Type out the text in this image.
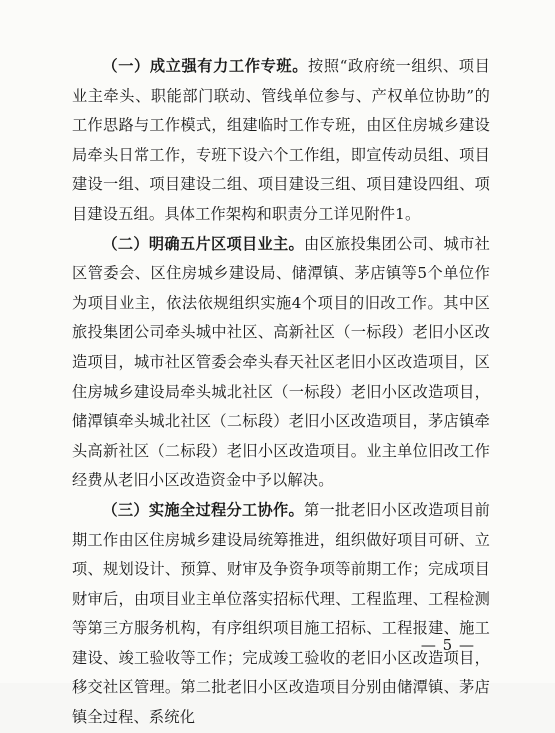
（一）成立强有力工作专班。按照“政府统一组织、项目业主牵头、职能部门联动、管线单位参与、产权单位协助”的工作思路与工作模式，组建临时工作专班，由区住房城乡建设局牵头日常工作，专班下设六个工作组，即宣传动员组、项目建设一组、项目建设二组、项目建设三组、项目建设四组、项目建设五组。具体工作架构和职责分工详见附件1。

（二）明确五片区项目业主。由区旅投集团公司、城市社区管委会、区住房城乡建设局、储潭镇、茅店镇等5个单位作为项目业主，依法依规组织实施4个项目的旧改工作。其中区旅投集团公司牵头城中社区、高新社区（一标段）老旧小区改造项目，城市社区管委会牵头春天社区老旧小区改造项目，区住房城乡建设局牵头城北社区（一标段）老旧小区改造项目，储潭镇牵头城北社区（二标段）老旧小区改造项目，茅店镇牵头高新社区（二标段）老旧小区改造项目。业主单位旧改工作经费从老旧小区改造资金中予以解决。

（三）实施全过程分工协作。第一批老旧小区改造项目前期工作由区住房城乡建设局统筹推进，组织做好项目可研、立项、规划设计、预算、财审及争资争项等前期工作；完成项目财审后，由项目业主单位落实招标代理、工程监理、工程检测等第三方服务机构，有序组织项目施工招标、工程报建、施工建设、竣工验收等工作；完成竣工验收的老旧小区改造项目，移交社区管理。第二批老旧小区改造项目分别由储潭镇、茅店镇全过程、系统化

— 5 —
